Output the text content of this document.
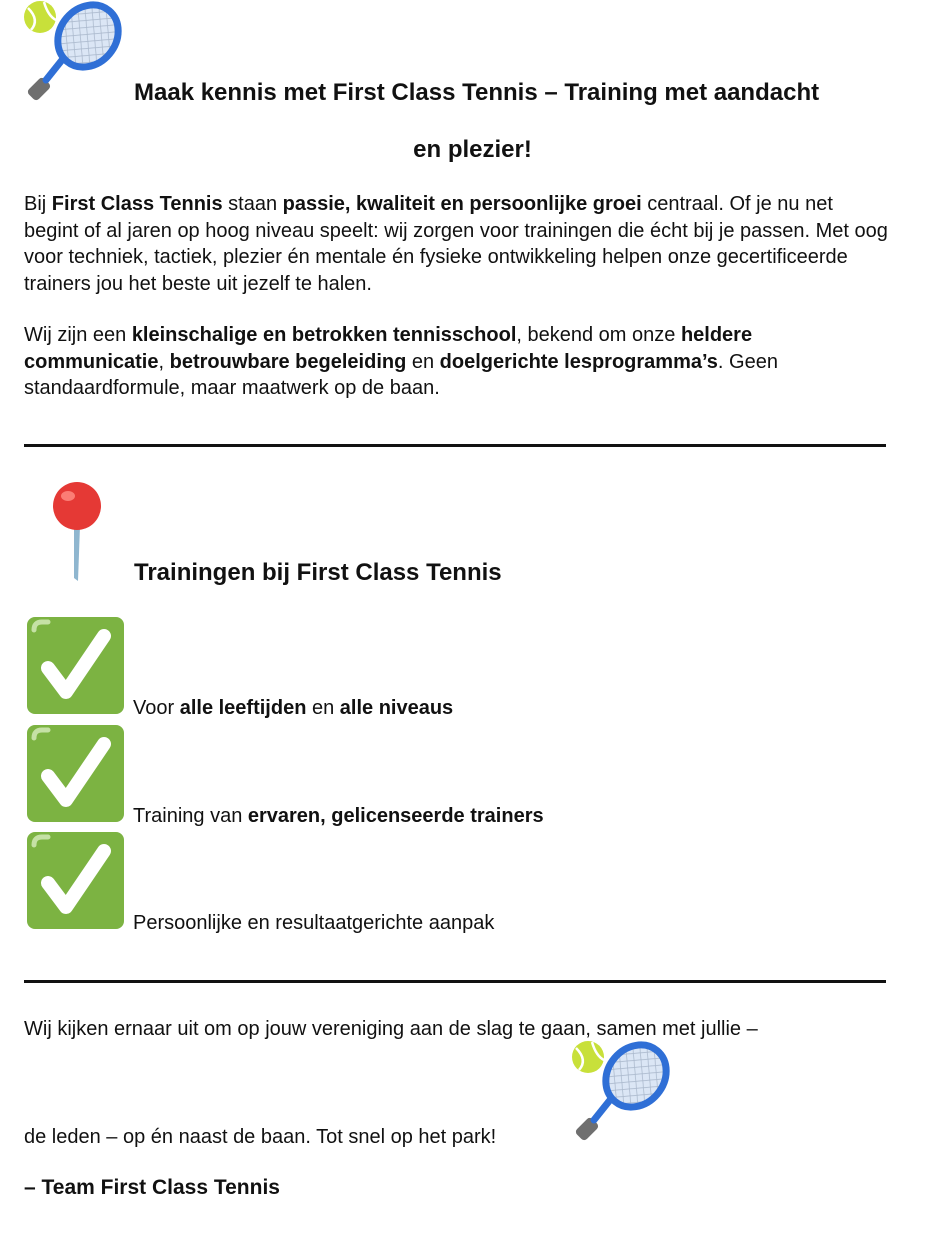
Maak kennis met First Class Tennis – Training met aandacht
en plezier!
Bij First Class Tennis staan passie, kwaliteit en persoonlijke groei centraal. Of je nu net begint of al jaren op hoog niveau speelt: wij zorgen voor trainingen die écht bij je passen. Met oog voor techniek, tactiek, plezier én mentale én fysieke ontwikkeling helpen onze gecertificeerde trainers jou het beste uit jezelf te halen.
Wij zijn een kleinschalige en betrokken tennisschool, bekend om onze heldere communicatie, betrouwbare begeleiding en doelgerichte lesprogramma’s. Geen standaardformule, maar maatwerk op de baan.
Trainingen bij First Class Tennis
Voor alle leeftijden en alle niveaus
Training van ervaren, gelicenseerde trainers
Persoonlijke en resultaatgerichte aanpak
Wij kijken ernaar uit om op jouw vereniging aan de slag te gaan, samen met jullie –
de leden – op én naast de baan. Tot snel op het park!
– Team First Class Tennis
